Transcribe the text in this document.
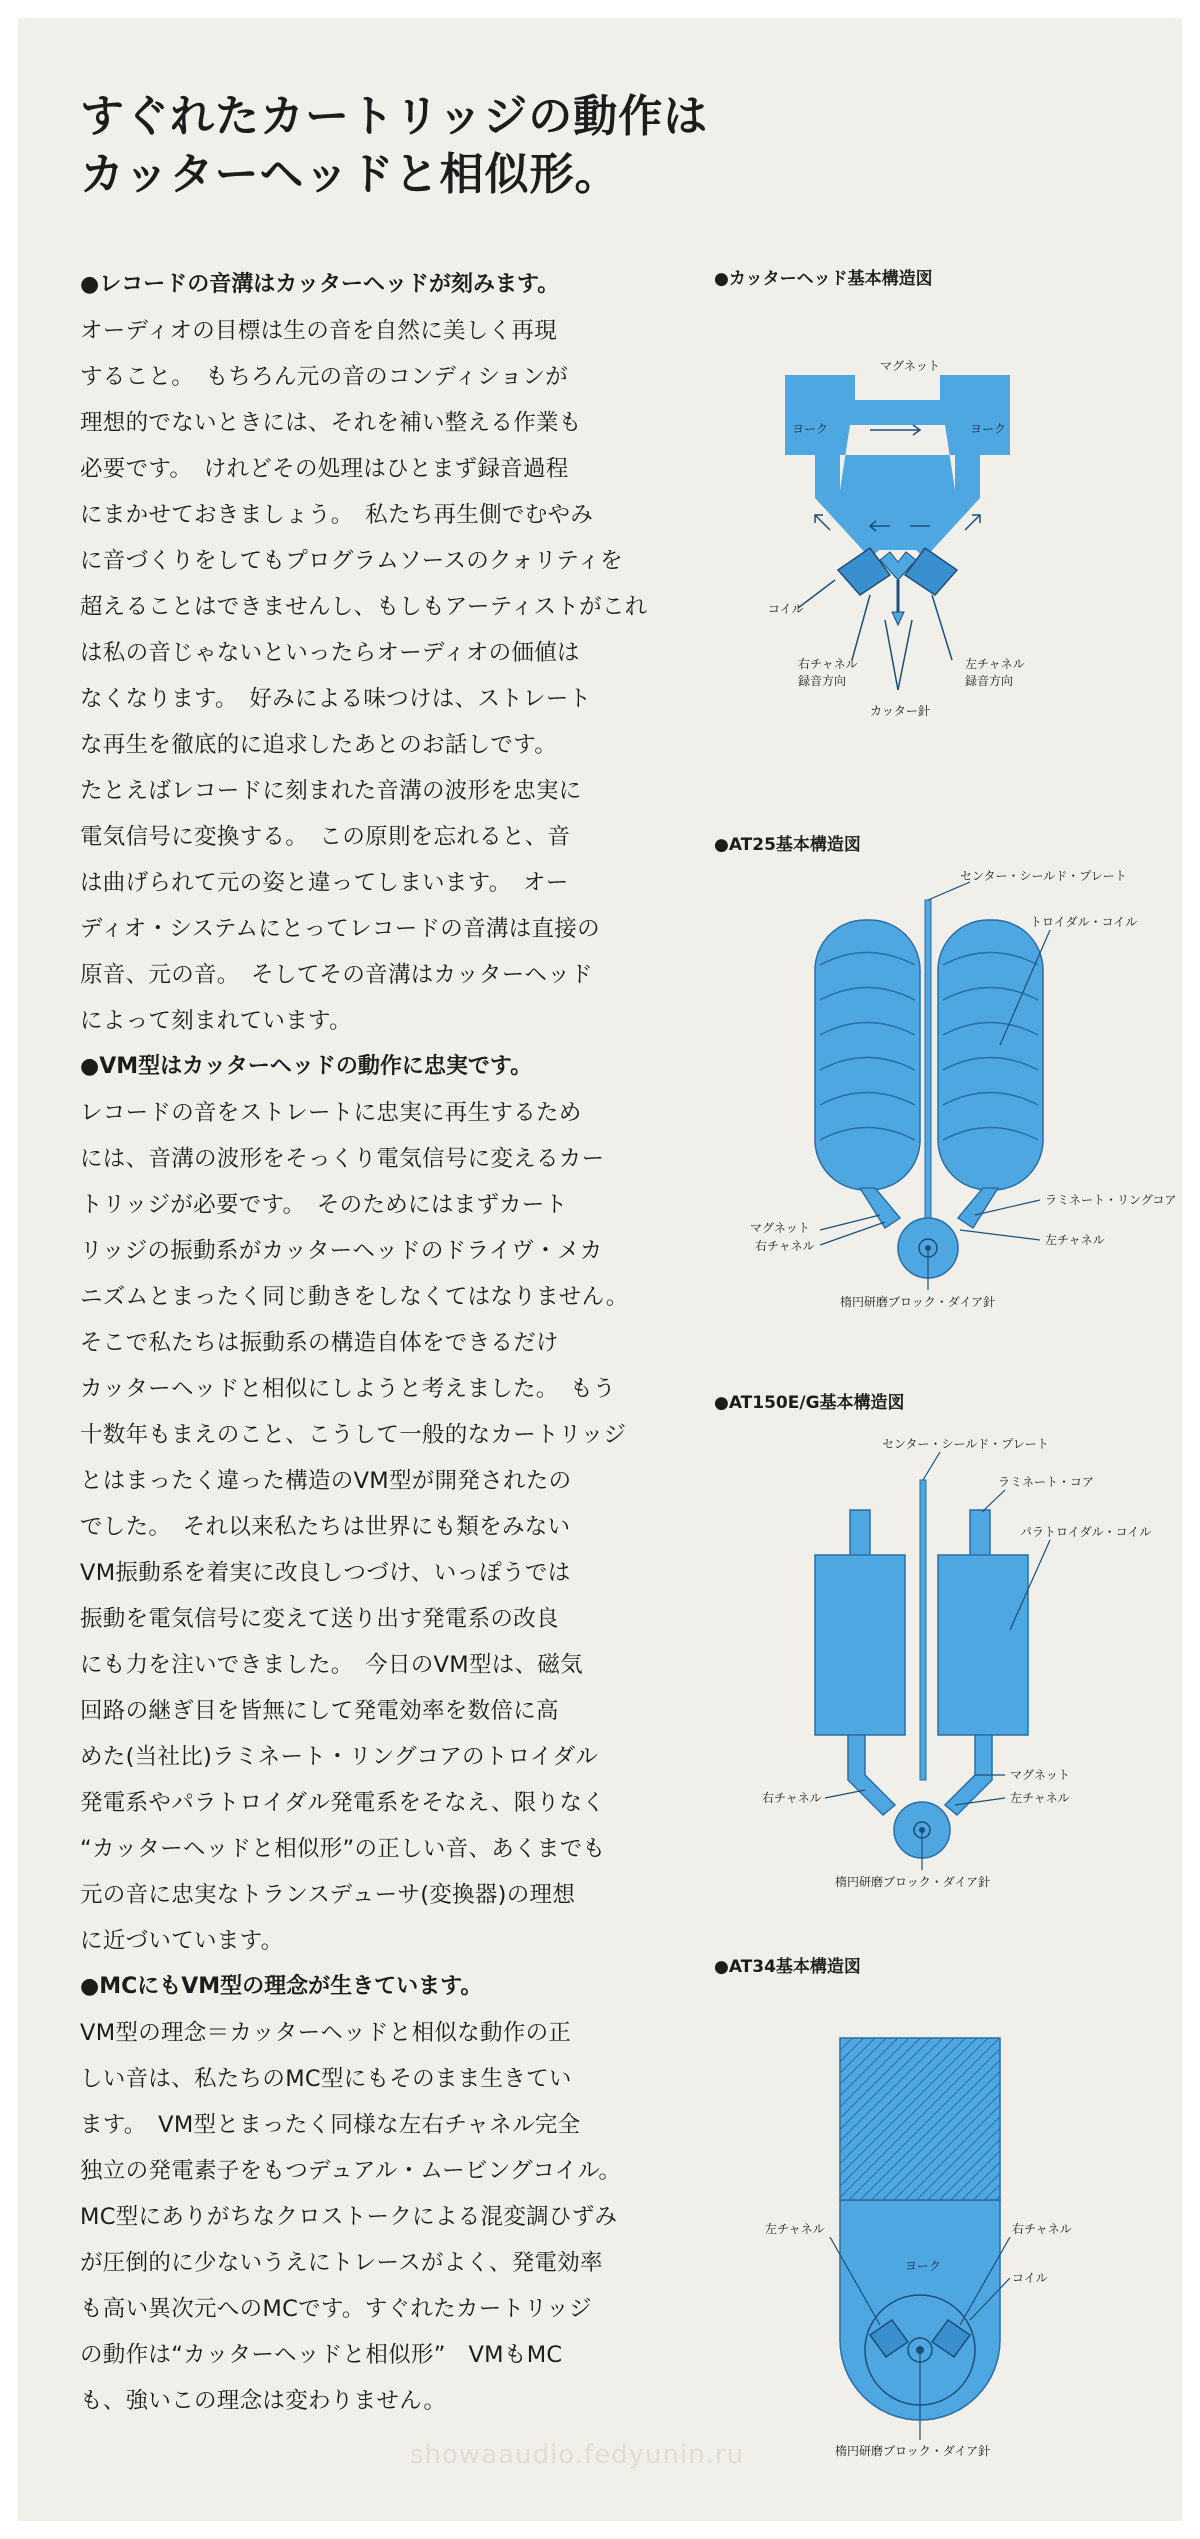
すぐれたカートリッジの動作は
カッターヘッドと相似形。
●レコードの音溝はカッターヘッドが刻みます。
オーディオの目標は生の音を自然に美しく再現
すること。　もちろん元の音のコンディションが
理想的でないときには、それを補い整える作業も
必要です。　けれどその処理はひとまず録音過程
にまかせておきましょう。　私たち再生側でむやみ
に音づくりをしてもプログラムソースのクォリティを
超えることはできませんし、もしもアーティストがこれ
は私の音じゃないといったらオーディオの価値は
なくなります。　好みによる味つけは、ストレート
な再生を徹底的に追求したあとのお話しです。
たとえばレコードに刻まれた音溝の波形を忠実に
電気信号に変換する。　この原則を忘れると、音
は曲げられて元の姿と違ってしまいます。　オー
ディオ・システムにとってレコードの音溝は直接の
原音、元の音。　そしてその音溝はカッターヘッド
によって刻まれています。
●VM型はカッターヘッドの動作に忠実です。
レコードの音をストレートに忠実に再生するため
には、音溝の波形をそっくり電気信号に変えるカー
トリッジが必要です。　そのためにはまずカート
リッジの振動系がカッターヘッドのドライヴ・メカ
ニズムとまったく同じ動きをしなくてはなりません。
そこで私たちは振動系の構造自体をできるだけ
カッターヘッドと相似にしようと考えました。　もう
十数年もまえのこと、こうして一般的なカートリッジ
とはまったく違った構造のVM型が開発されたの
でした。　それ以来私たちは世界にも類をみない
VM振動系を着実に改良しつづけ、いっぽうでは
振動を電気信号に変えて送り出す発電系の改良
にも力を注いできました。　今日のVM型は、磁気
回路の継ぎ目を皆無にして発電効率を数倍に高
めた(当社比)ラミネート・リングコアのトロイダル
発電系やパラトロイダル発電系をそなえ、限りなく
“カッターヘッドと相似形”の正しい音、あくまでも
元の音に忠実なトランスデューサ(変換器)の理想
に近づいています。
●MCにもVM型の理念が生きています。
VM型の理念＝カッターヘッドと相似な動作の正
しい音は、私たちのMC型にもそのまま生きてい
ます。　VM型とまったく同様な左右チャネル完全
独立の発電素子をもつデュアル・ムービングコイル。
MC型にありがちなクロストークによる混変調ひずみ
が圧倒的に少ないうえにトレースがよく、発電効率
も高い異次元へのMCです。すぐれたカートリッジ
の動作は“カッターヘッドと相似形”　VMもMC
も、強いこの理念は変わりません。
●カッターヘッド基本構造図
マグネット
ヨーク	ヨーク
コイル
右チャネル
録音方向
左チャネル
録音方向
カッター針
●AT25基本構造図
センター・シールド・プレート
トロイダル・コイル
ラミネート・リングコア
マグネット
右チャネル	左チャネル
楕円研磨ブロック・ダイア針
●AT150E/G基本構造図
センター・シールド・プレート
ラミネート・コア
パラトロイダル・コイル
マグネット
右チャネル	左チャネル
楕円研磨ブロック・ダイア針
●AT34基本構造図
ヨーク
左チャネル	右チャネル
コイル
楕円研磨ブロック・ダイア針
showaaudio.fedyunin.ru
